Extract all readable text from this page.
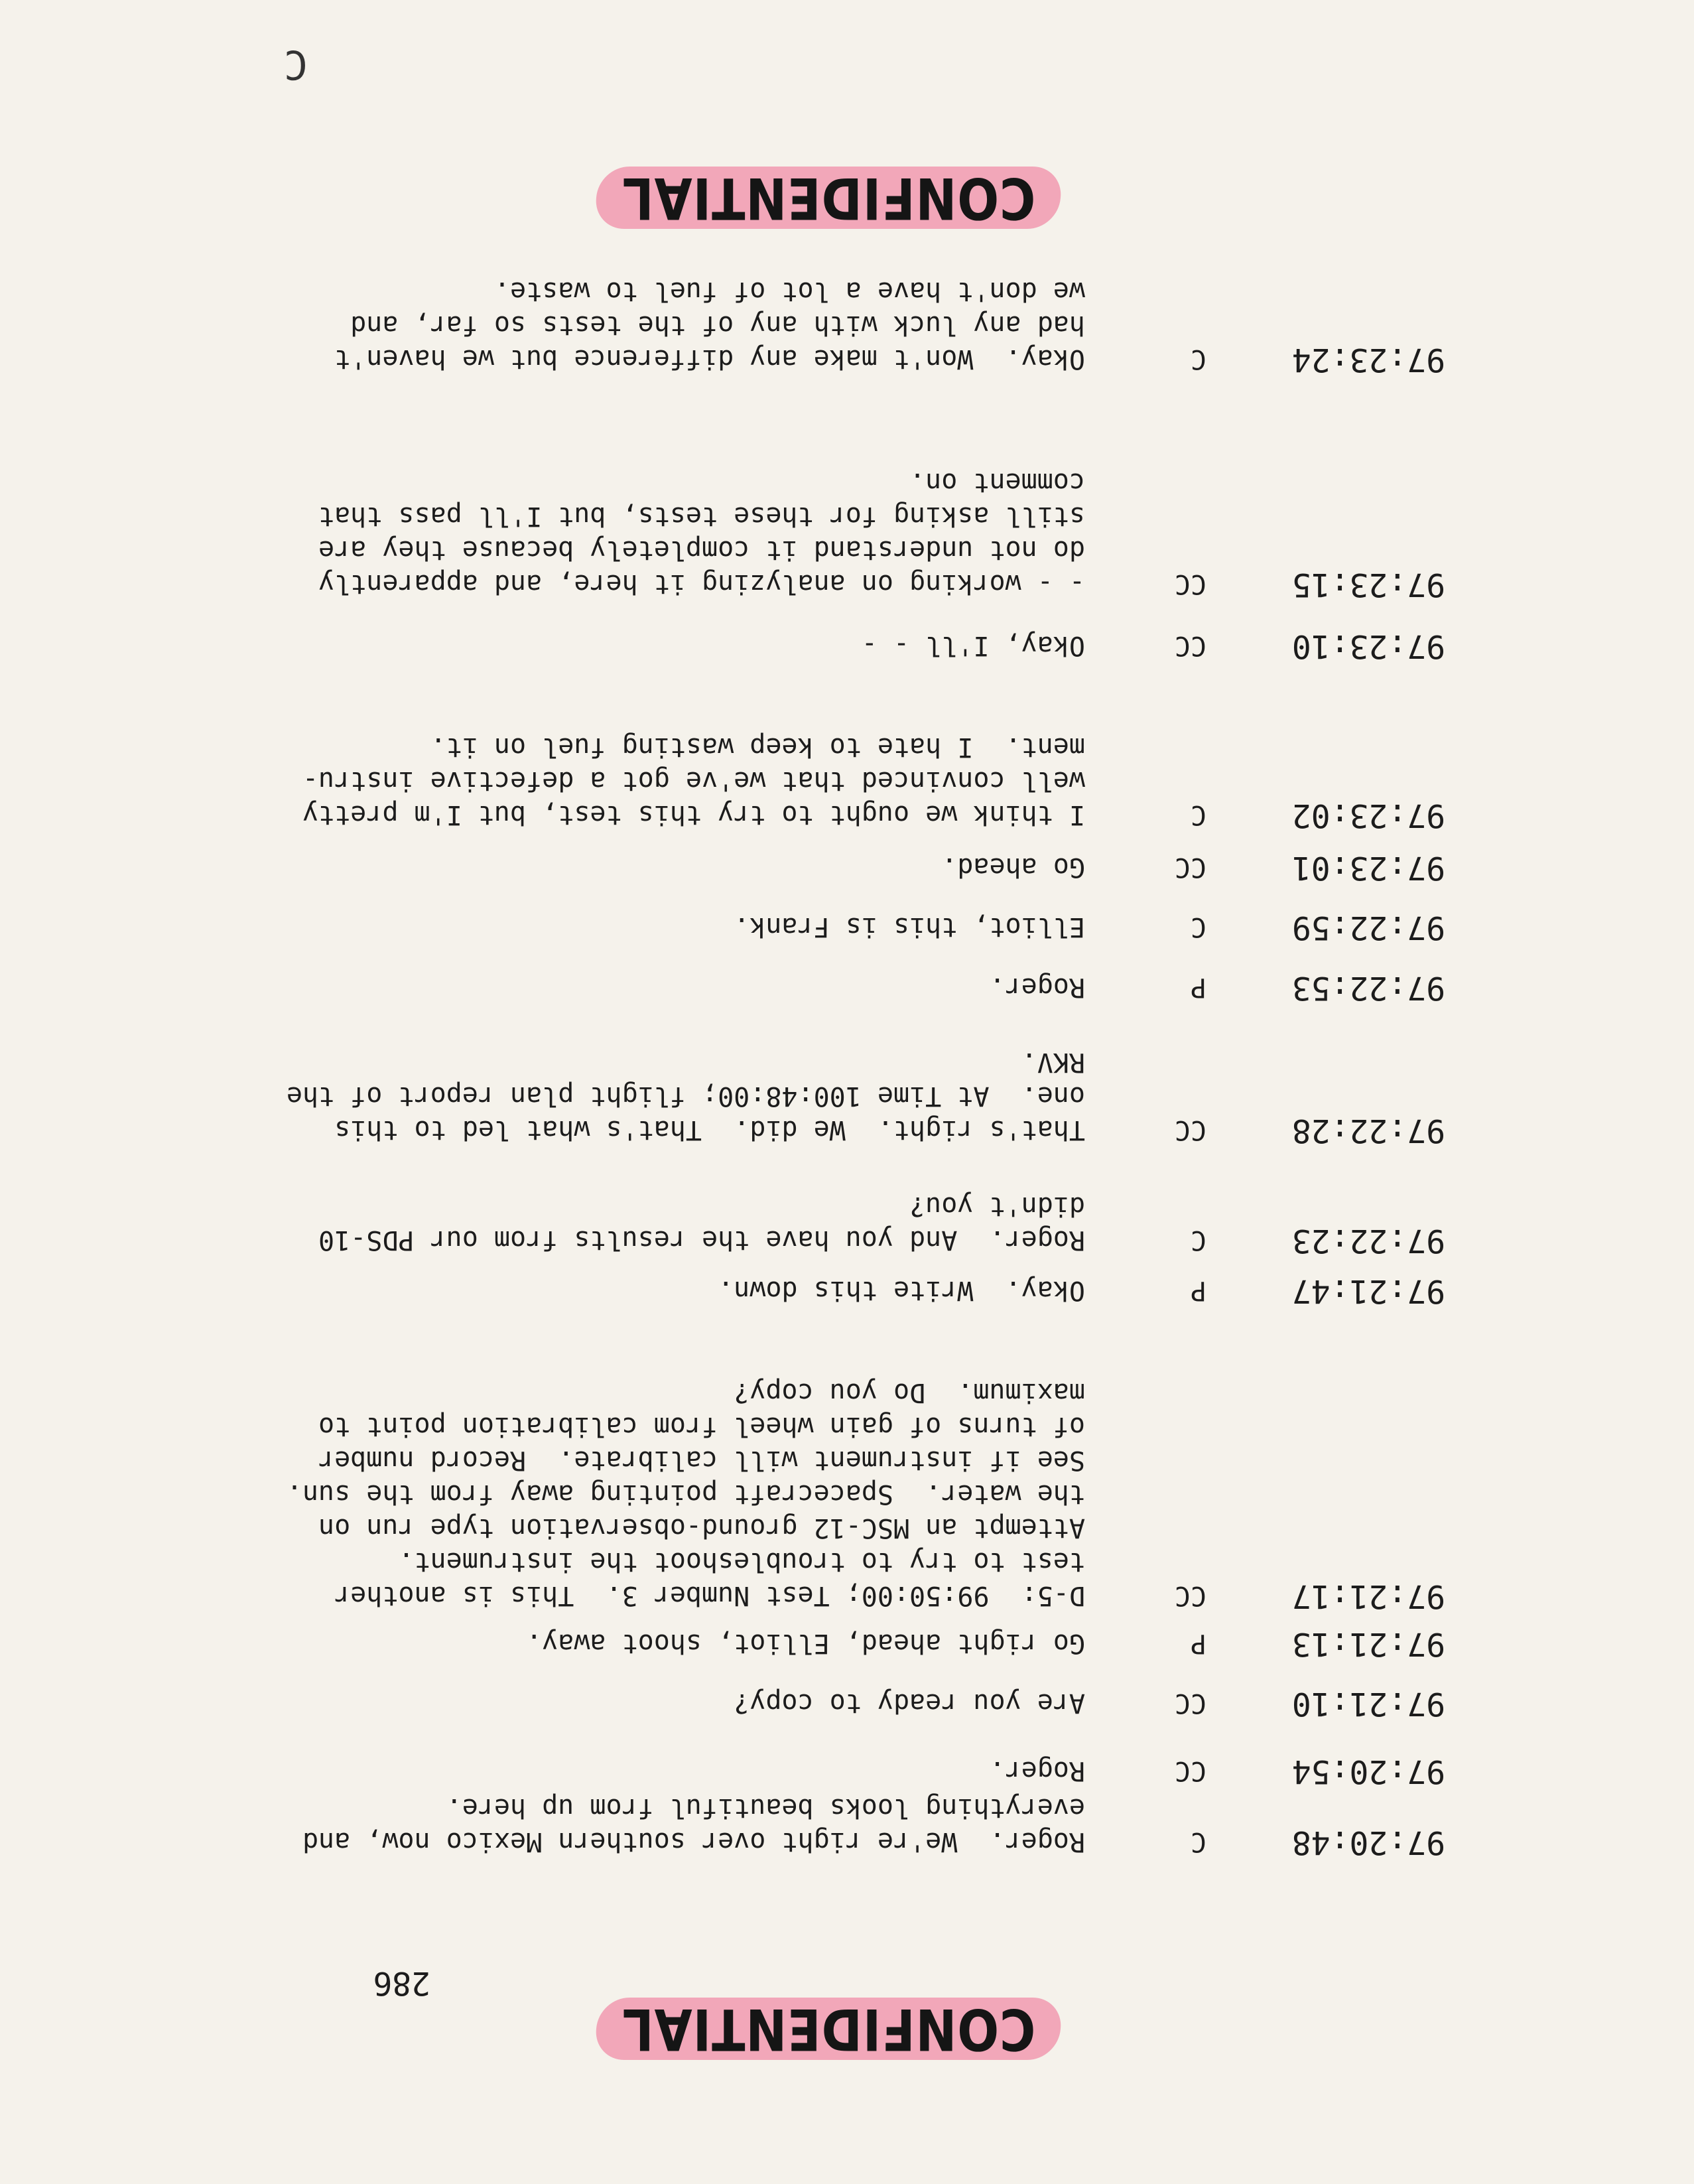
CONFIDENTIAL
286
97:20:48
C
Roger.  We're right over southern Mexico now, and
everything looks beautiful from up here.
97:20:54
CC
Roger.
97:21:10
CC
Are you ready to copy?
97:21:13
P
Go right ahead, Elliot, shoot away.
97:21:17
CC
D-5:  99:50:00; Test Number 3.  This is another
test to try to troubleshoot the instrument.
Attempt an MSC-12 ground-observation type run on
the water.  Spacecraft pointing away from the sun.
See if instrument will calibrate.  Record number
of turns of gain wheel from calibration point to
maximum.  Do you copy?
97:21:47
P
Okay.  Write this down.
97:22:23
C
Roger.  And you have the results from our PDS-10
didn't you?
97:22:28
CC
That's right.  We did.  That's what led to this
one.  At Time 100:48:00; flight plan report of the
RKV.
97:22:53
P
Roger.
97:22:59
C
Elliot, this is Frank.
97:23:01
CC
Go ahead.
97:23:02
C
I think we ought to try this test, but I'm pretty
well convinced that we've got a defective instru-
ment.  I hate to keep wasting fuel on it.
97:23:10
CC
Okay, I'll - -
97:23:15
CC
- - working on analyzing it here, and apparently
do not understand it completely because they are
still asking for these tests, but I'll pass that
comment on.
97:23:24
C
Okay.  Won't make any difference but we haven't
had any luck with any of the tests so far, and
we don't have a lot of fuel to waste.
CONFIDENTIAL
C
